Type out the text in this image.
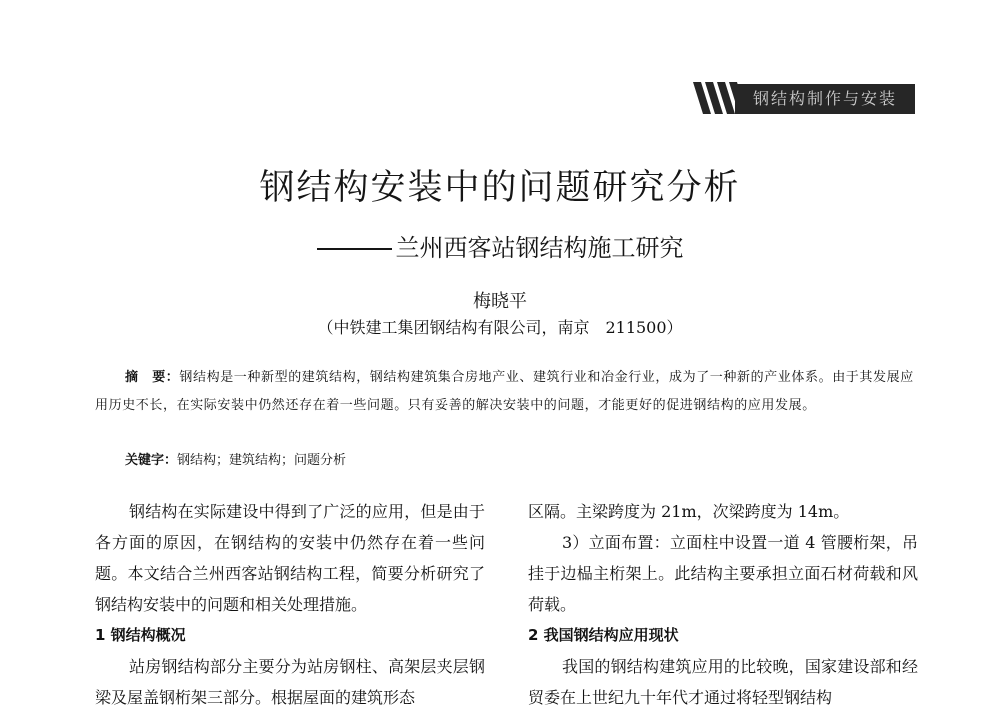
钢结构制作与安装
钢结构安装中的问题研究分析
兰州西客站钢结构施工研究
梅晓平
（中铁建工集团钢结构有限公司，南京　211500）
摘　要：钢结构是一种新型的建筑结构，钢结构建筑集合房地产业、建筑行业和冶金行业，成为了一种新的产业体系。由于其发展应用历史不长，在实际安装中仍然还存在着一些问题。只有妥善的解决安装中的问题，才能更好的促进钢结构的应用发展。
关键字：钢结构；建筑结构；问题分析

钢结构在实际建设中得到了广泛的应用，但是由于各方面的原因，在钢结构的安装中仍然存在着一些问题。本文结合兰州西客站钢结构工程，简要分析研究了钢结构安装中的问题和相关处理措施。

1 钢结构概况

站房钢结构部分主要分为站房钢柱、高架层夹层钢梁及屋盖钢桁架三部分。根据屋面的建筑形态

区隔。主梁跨度为 21m，次梁跨度为 14m。

3）立面布置：立面柱中设置一道 4 管腰桁架，吊挂于边榀主桁架上。此结构主要承担立面石材荷载和风荷载。

2 我国钢结构应用现状

我国的钢结构建筑应用的比较晚，国家建设部和经贸委在上世纪九十年代才通过将轻型钢结构
